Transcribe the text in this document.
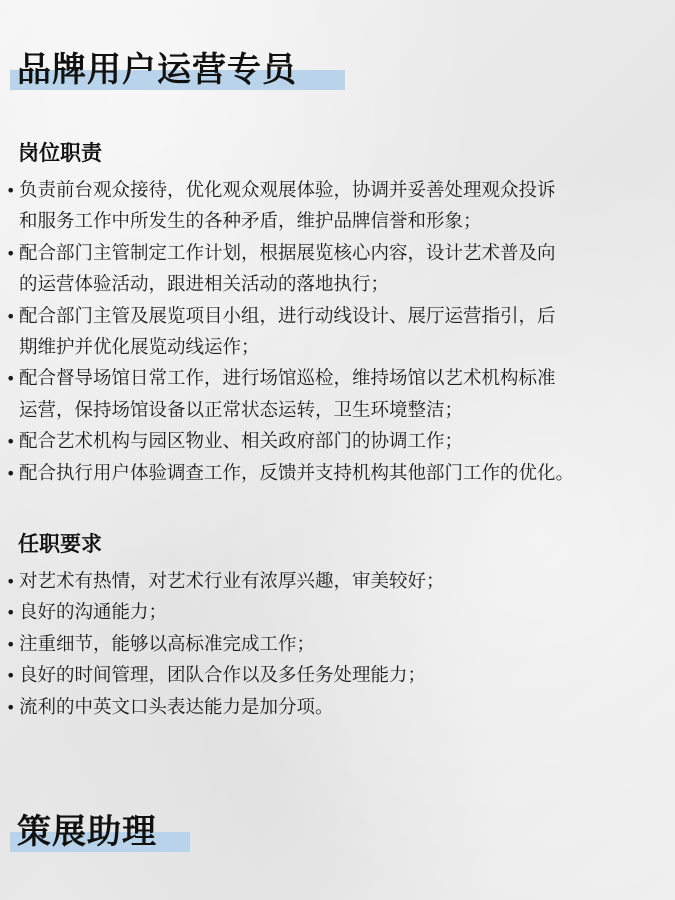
品牌用户运营专员
岗位职责
• 负责前台观众接待，优化观众观展体验，协调并妥善处理观众投诉
和服务工作中所发生的各种矛盾，维护品牌信誉和形象；
• 配合部门主管制定工作计划，根据展览核心内容，设计艺术普及向
的运营体验活动，跟进相关活动的落地执行；
• 配合部门主管及展览项目小组，进行动线设计、展厅运营指引，后
期维护并优化展览动线运作；
• 配合督导场馆日常工作，进行场馆巡检，维持场馆以艺术机构标准
运营，保持场馆设备以正常状态运转，卫生环境整洁；
• 配合艺术机构与园区物业、相关政府部门的协调工作；
• 配合执行用户体验调查工作，反馈并支持机构其他部门工作的优化。
任职要求
• 对艺术有热情，对艺术行业有浓厚兴趣，审美较好；
• 良好的沟通能力；
• 注重细节，能够以高标准完成工作；
• 良好的时间管理，团队合作以及多任务处理能力；
• 流利的中英文口头表达能力是加分项。
策展助理
